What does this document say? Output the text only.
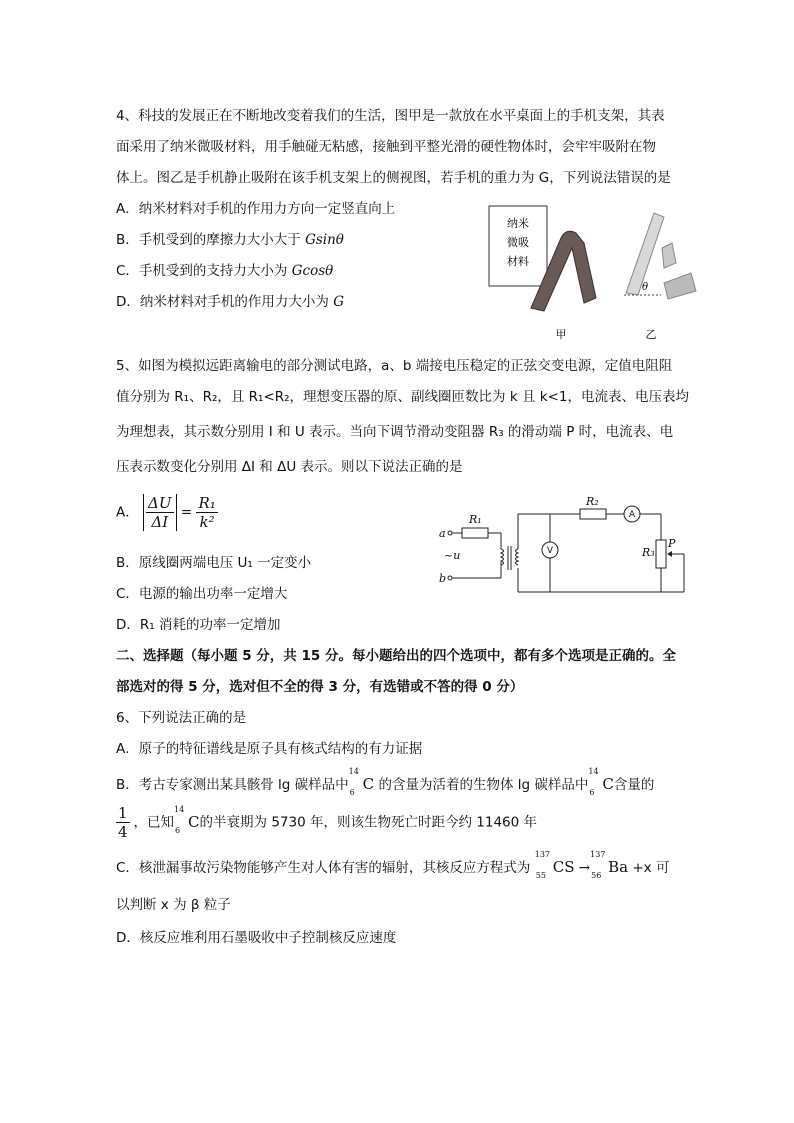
4、科技的发展正在不断地改变着我们的生活，图甲是一款放在水平桌面上的手机支架，其表
面采用了纳米微吸材料，用手触碰无粘感，接触到平整光滑的硬性物体时，会牢牢吸附在物
体上。图乙是手机静止吸附在该手机支架上的侧视图，若手机的重力为 G，下列说法错误的是
A．纳米材料对手机的作用力方向一定竖直向上
B．手机受到的摩擦力大小大于 Gsinθ
C．手机受到的支持力大小为 Gcosθ
D．纳米材料对手机的作用力大小为 G
纳米
微吸
材料
θ
甲	乙
5、如图为模拟远距离输电的部分测试电路，a、b 端接电压稳定的正弦交变电源，定值电阻阻
值分别为 R₁、R₂，且 R₁<R₂，理想变压器的原、副线圈匝数比为 k 且 k<1，电流表、电压表均
为理想表，其示数分别用 I 和 U 表示。当向下调节滑动变阻器 R₃ 的滑动端 P 时，电流表、电
压表示数变化分别用 ΔI 和 ΔU 表示。则以下说法正确的是
A． $\frac{\Delta U}{\Delta I} = \frac{\text{R₁}}{\text{k²}}$
B．原线圈两端电压 U₁ 一定变小
C．电源的输出功率一定增大
D．R₁ 消耗的功率一定增加
a
b
~u
R₁
R₂
R₃
P
A
V
二、选择题（每小题 5 分，共 15 分。每小题给出的四个选项中，都有多个选项是正确的。全
部选对的得 5 分，选对但不全的得 3 分，有选错或不答的得 0 分）
6、下列说法正确的是
A．原子的特征谱线是原子具有核式结构的有力证据
B．考古专家测出某具骸骨 lg 碳样品中
14
6 C 的含量为活着的生物体 lg 碳样品中
14
6 C含量的
$\frac{1}{4}$ ，已知
14
6 C的半衰期为 5730 年，则该生物死亡时距今约 11460 年
C．核泄漏事故污染物能够产生对人体有害的辐射，其核反应方程式为
137
55 CS →
137
56 Ba +x 可
以判断 x 为 β 粒子
D．核反应堆利用石墨吸收中子控制核反应速度
